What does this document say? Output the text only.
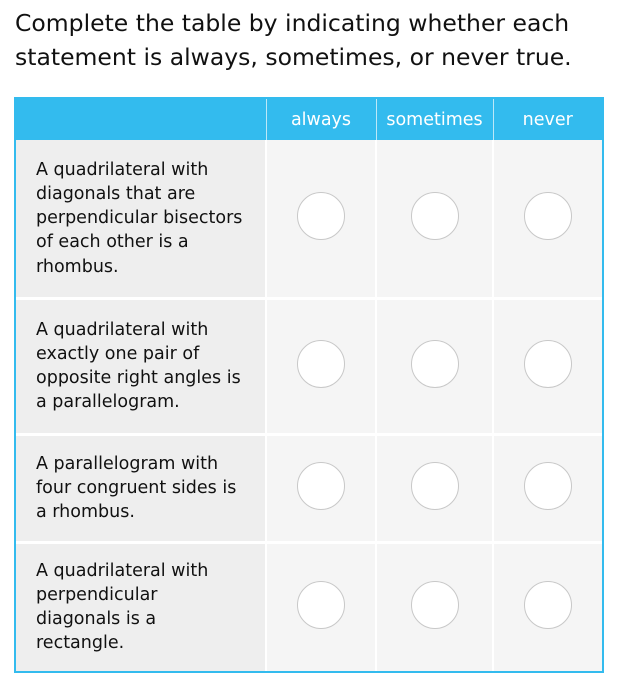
Complete the table by indicating whether each statement is always, sometimes, or never true.

	always	sometimes	never

A quadrilateral with diagonals that are perpendicular bisectors of each other is a rhombus.			

A quadrilateral with exactly one pair of opposite right angles is a parallelogram.			

A parallelogram with four congruent sides is a rhombus.			

A quadrilateral with perpendicular diagonals is a rectangle.			
